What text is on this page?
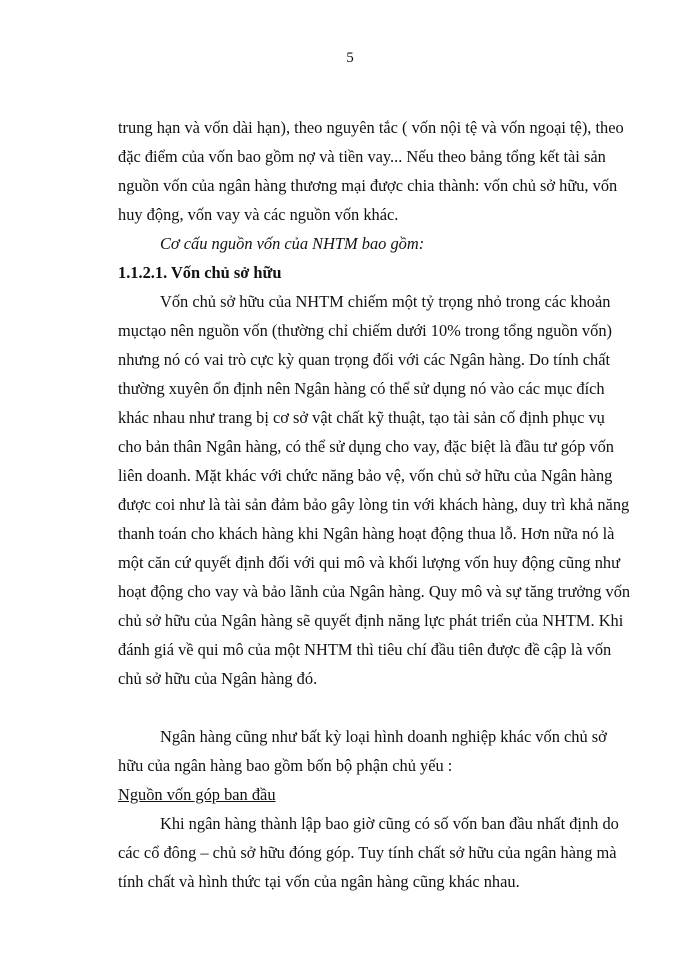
5
trung hạn và vốn dài hạn), theo nguyên tắc ( vốn nội tệ và vốn ngoại tệ), theo
đặc điểm của vốn bao gồm nợ và tiền vay... Nếu theo bảng tổng kết tài sản
nguồn vốn của ngân hàng thương mại được chia thành: vốn chủ sở hữu, vốn
huy động, vốn vay và các nguồn vốn khác.
Cơ cấu nguồn vốn của NHTM bao gồm:
1.1.2.1. Vốn chủ sở hữu
Vốn chủ sở hữu của NHTM chiếm một tỷ trọng nhỏ trong các khoản
mụctạo nên nguồn vốn (thường chỉ chiếm dưới 10% trong tổng nguồn vốn)
nhưng nó có vai trò cực kỳ quan trọng đối với các Ngân hàng. Do tính chất
thường xuyên ổn định nên Ngân hàng có thể sử dụng nó vào các mục đích
khác nhau như trang bị cơ sở vật chất kỹ thuật, tạo tài sản cố định phục vụ
cho bản thân Ngân hàng, có thể sử dụng cho vay, đặc biệt là đầu tư góp vốn
liên doanh. Mặt khác với chức năng bảo vệ, vốn chủ sở hữu của Ngân hàng
được coi như là tài sản đảm bảo gây lòng tin với khách hàng, duy trì khả năng
thanh toán cho khách hàng khi Ngân hàng hoạt động thua lỗ. Hơn nữa nó là
một căn cứ quyết định đối với qui mô và khối lượng vốn huy động cũng như
hoạt động cho vay và bảo lãnh của Ngân hàng. Quy mô và sự tăng trưởng vốn
chủ sở hữu của Ngân hàng sẽ quyết định năng lực phát triển của NHTM. Khi
đánh giá về qui mô của một NHTM thì tiêu chí đầu tiên được đề cập là vốn
chủ sở hữu của Ngân hàng đó.
Ngân hàng cũng như bất kỳ loại hình doanh nghiệp khác vốn chủ sở
hữu của ngân hàng bao gồm bốn bộ phận chủ yếu :
Nguồn vốn góp ban đầu
Khi ngân hàng thành lập bao giờ cũng có số vốn ban đầu nhất định do
các cổ đông – chủ sở hữu đóng góp. Tuy tính chất sở hữu của ngân hàng mà
tính chất và hình thức tại vốn của ngân hàng cũng khác nhau.
